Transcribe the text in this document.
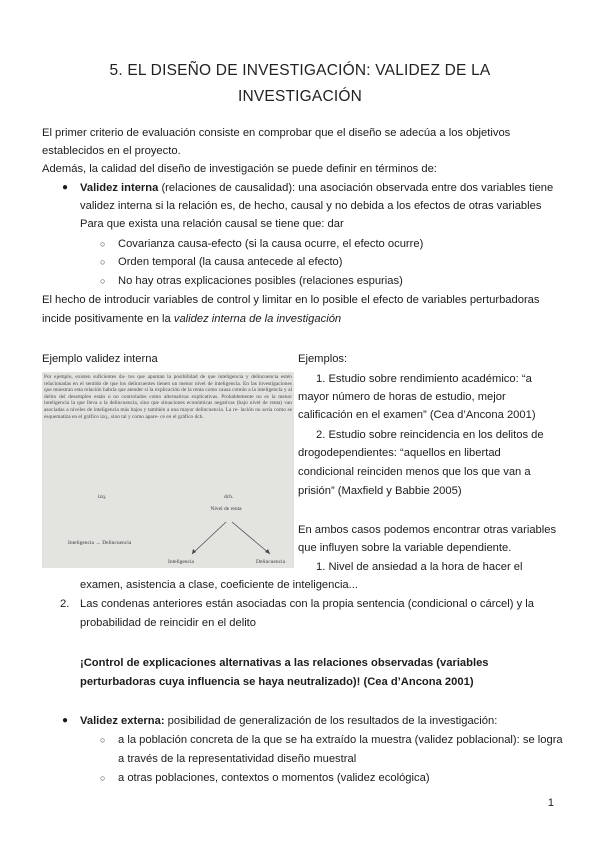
5. EL DISEÑO DE INVESTIGACIÓN: VALIDEZ DE LA
INVESTIGACIÓN
El primer criterio de evaluación consiste en comprobar que el diseño se adecúa a los objetivos
establecidos en el proyecto.
Además, la calidad del diseño de investigación se puede definir en términos de:
● Validez interna (relaciones de causalidad): una asociación observada entre dos variables tiene
validez interna si la relación es, de hecho, causal y no debida a los efectos de otras variables
Para que exista una relación causal se tiene que: dar
○ Covarianza causa-efecto (si la causa ocurre, el efecto ocurre)
○ Orden temporal (la causa antecede al efecto)
○ No hay otras explicaciones posibles (relaciones espurias)
El hecho de introducir variables de control y limitar en lo posible el efecto de variables perturbadoras
incide positivamente en la validez interna de la investigación
Ejemplo validez interna
Por ejemplo, existen suficientes da- tos que apuntan la posibilidad de que inteligencia y delincuencia estén relacionadas en el sentido de que los delincuentes tienen un menor nivel de inteligencia. En las investigaciones que muestran esta relación habría que atender si la explicación de la renta como causa común a la inteligencia y al delito del desempleo están o no controlados como alternativas explicativas. Probablemente no es la menor inteligencia la que lleva a la delincuencia, sino que situaciones económicas negativas (bajo nivel de renta) van asociadas a niveles de inteligencia más bajos y también a una mayor delincuencia. La re- lación no sería como se esquematiza en el gráfico izq., sino tal y como apare- ce en el gráfico dch.
izq.	dch.
Nivel de renta
Inteligencia → Delincuencia
Inteligencia	Delincuencia
Ejemplos:
1. Estudio sobre rendimiento académico: “a
mayor número de horas de estudio, mejor
calificación en el examen” (Cea d’Ancona 2001)
2. Estudio sobre reincidencia en los delitos de
drogodependientes: “aquellos en libertad
condicional reinciden menos que los que van a
prisión” (Maxfield y Babbie 2005)
En ambos casos podemos encontrar otras variables
que influyen sobre la variable dependiente.
1. Nivel de ansiedad a la hora de hacer el
examen, asistencia a clase, coeficiente de inteligencia...
2. Las condenas anteriores están asociadas con la propia sentencia (condicional o cárcel) y la
probabilidad de reincidir en el delito
¡Control de explicaciones alternativas a las relaciones observadas (variables
perturbadoras cuya influencia se haya neutralizado)! (Cea d’Ancona 2001)
● Validez externa: posibilidad de generalización de los resultados de la investigación:
○ a la población concreta de la que se ha extraído la muestra (validez poblacional): se logra
a través de la representatividad diseño muestral
○ a otras poblaciones, contextos o momentos (validez ecológica)
1
